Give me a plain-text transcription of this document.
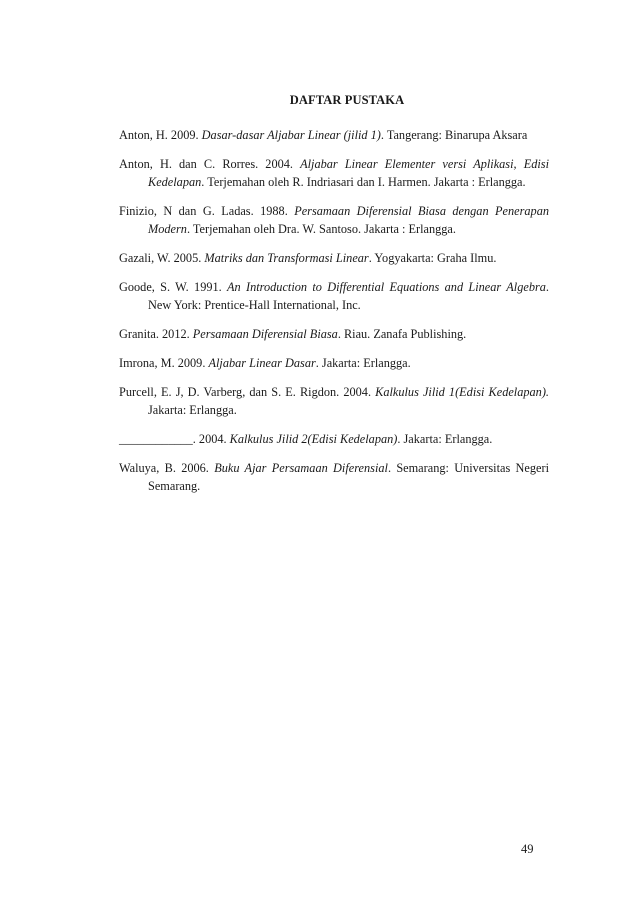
DAFTAR PUSTAKA
Anton, H. 2009. Dasar-dasar Aljabar Linear (jilid 1). Tangerang: Binarupa Aksara
Anton, H. dan C. Rorres. 2004. Aljabar Linear Elementer versi Aplikasi, Edisi Kedelapan. Terjemahan oleh R. Indriasari dan I. Harmen. Jakarta : Erlangga.
Finizio, N dan G. Ladas. 1988. Persamaan Diferensial Biasa dengan Penerapan Modern. Terjemahan oleh Dra. W. Santoso. Jakarta : Erlangga.
Gazali, W. 2005. Matriks dan Transformasi Linear. Yogyakarta: Graha Ilmu.
Goode, S. W. 1991. An Introduction to Differential Equations and Linear Algebra. New York: Prentice-Hall International, Inc.
Granita. 2012. Persamaan Diferensial Biasa. Riau. Zanafa Publishing.
Imrona, M. 2009. Aljabar Linear Dasar. Jakarta: Erlangga.
Purcell, E. J, D. Varberg, dan S. E. Rigdon. 2004. Kalkulus Jilid 1(Edisi Kedelapan). Jakarta: Erlangga.
____________. 2004. Kalkulus Jilid 2(Edisi Kedelapan). Jakarta: Erlangga.
Waluya, B. 2006. Buku Ajar Persamaan Diferensial. Semarang: Universitas Negeri Semarang.
49
